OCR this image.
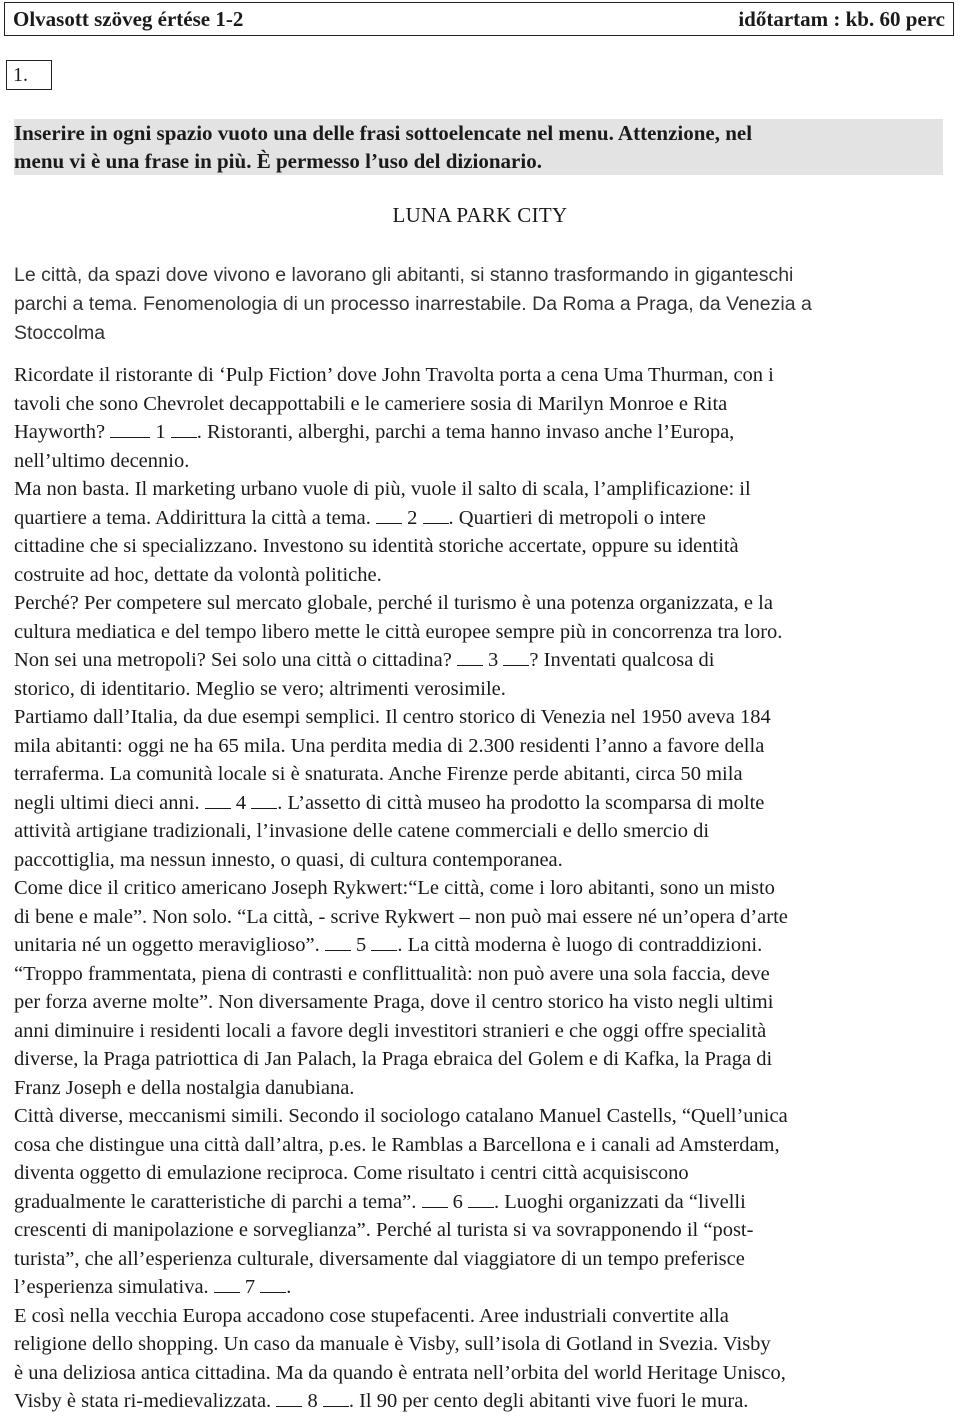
Olvasott szöveg értése 1-2	időtartam : kb. 60 perc
1.
Inserire in ogni spazio vuoto una delle frasi sottoelencate nel menu. Attenzione, nel
menu vi è una frase in più. È permesso l’uso del dizionario.
LUNA PARK CITY
Le città, da spazi dove vivono e lavorano gli abitanti, si stanno trasformando in giganteschi
parchi a tema. Fenomenologia di un processo inarrestabile. Da Roma a Praga, da Venezia a
Stoccolma
Ricordate il ristorante di ‘Pulp Fiction’ dove John Travolta porta a cena Uma Thurman, con i
tavoli che sono Chevrolet decappottabili e le cameriere sosia di Marilyn Monroe e Rita
Hayworth?  1 . Ristoranti, alberghi, parchi a tema hanno invaso anche l’Europa,
nell’ultimo decennio.
Ma non basta. Il marketing urbano vuole di più, vuole il salto di scala, l’amplificazione: il
quartiere a tema. Addirittura la città a tema.  2 . Quartieri di metropoli o intere
cittadine che si specializzano. Investono su identità storiche accertate, oppure su identità
costruite ad hoc, dettate da volontà politiche.
Perché? Per competere sul mercato globale, perché il turismo è una potenza organizzata, e la
cultura mediatica e del tempo libero mette le città europee sempre più in concorrenza tra loro.
Non sei una metropoli? Sei solo una città o cittadina?  3 ? Inventati qualcosa di
storico, di identitario. Meglio se vero; altrimenti verosimile.
Partiamo dall’Italia, da due esempi semplici. Il centro storico di Venezia nel 1950 aveva 184
mila abitanti: oggi ne ha 65 mila. Una perdita media di 2.300 residenti l’anno a favore della
terraferma. La comunità locale si è snaturata. Anche Firenze perde abitanti, circa 50 mila
negli ultimi dieci anni.  4 . L’assetto di città museo ha prodotto la scomparsa di molte
attività artigiane tradizionali, l’invasione delle catene commerciali e dello smercio di
paccottiglia, ma nessun innesto, o quasi, di cultura contemporanea.
Come dice il critico americano Joseph Rykwert:“Le città, come i loro abitanti, sono un misto
di bene e male”. Non solo. “La città, - scrive Rykwert – non può mai essere né un’opera d’arte
unitaria né un oggetto meraviglioso”.  5 . La città moderna è luogo di contraddizioni.
“Troppo frammentata, piena di contrasti e conflittualità: non può avere una sola faccia, deve
per forza averne molte”. Non diversamente Praga, dove il centro storico ha visto negli ultimi
anni diminuire i residenti locali a favore degli investitori stranieri e che oggi offre specialità
diverse, la Praga patriottica di Jan Palach, la Praga ebraica del Golem e di Kafka, la Praga di
Franz Joseph e della nostalgia danubiana.
Città diverse, meccanismi simili. Secondo il sociologo catalano Manuel Castells, “Quell’unica
cosa che distingue una città dall’altra, p.es. le Ramblas a Barcellona e i canali ad Amsterdam,
diventa oggetto di emulazione reciproca. Come risultato i centri città acquisiscono
gradualmente le caratteristiche di parchi a tema”.  6 . Luoghi organizzati da “livelli
crescenti di manipolazione e sorveglianza”. Perché al turista si va sovrapponendo il “post-
turista”, che all’esperienza culturale, diversamente dal viaggiatore di un tempo preferisce
l’esperienza simulativa.  7 .
E così nella vecchia Europa accadono cose stupefacenti. Aree industriali convertite alla
religione dello shopping. Un caso da manuale è Visby, sull’isola di Gotland in Svezia. Visby
è una deliziosa antica cittadina. Ma da quando è entrata nell’orbita del world Heritage Unisco,
Visby è stata ri-medievalizzata.  8 . Il 90 per cento degli abitanti vive fuori le mura.
